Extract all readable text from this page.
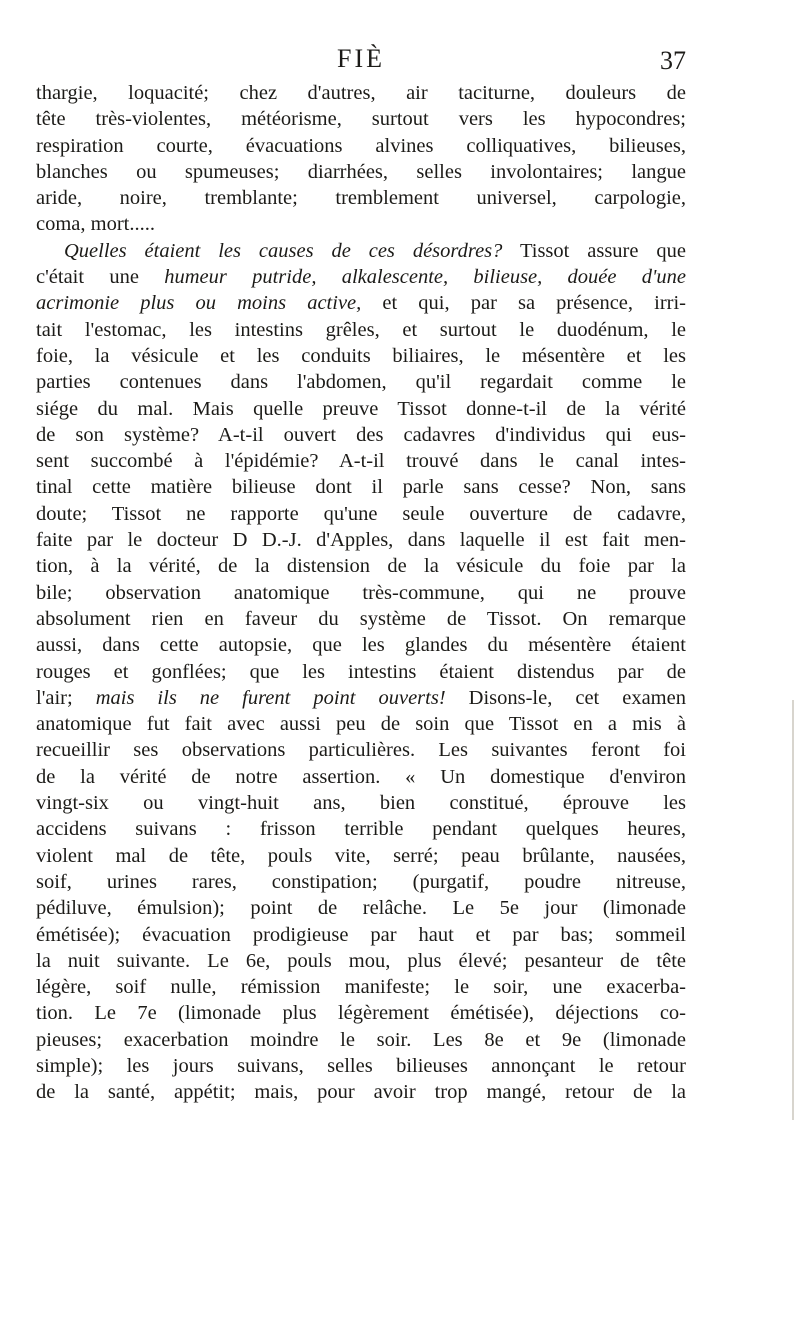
FIÈ	37
thargie, loquacité; chez d'autres, air taciturne, douleurs de
tête très-violentes, météorisme, surtout vers les hypocondres;
respiration courte, évacuations alvines colliquatives, bilieuses,
blanches ou spumeuses; diarrhées, selles involontaires; langue
aride, noire, tremblante; tremblement universel, carpologie,
coma, mort.....
Quelles étaient les causes de ces désordres? Tissot assure que
c'était une humeur putride, alkalescente, bilieuse, douée d'une
acrimonie plus ou moins active, et qui, par sa présence, irri-
tait l'estomac, les intestins grêles, et surtout le duodénum, le
foie, la vésicule et les conduits biliaires, le mésentère et les
parties contenues dans l'abdomen, qu'il regardait comme le
siége du mal. Mais quelle preuve Tissot donne-t-il de la vérité
de son système? A-t-il ouvert des cadavres d'individus qui eus-
sent succombé à l'épidémie? A-t-il trouvé dans le canal intes-
tinal cette matière bilieuse dont il parle sans cesse? Non, sans
doute; Tissot ne rapporte qu'une seule ouverture de cadavre,
faite par le docteur D D.-J. d'Apples, dans laquelle il est fait men-
tion, à la vérité, de la distension de la vésicule du foie par la
bile; observation anatomique très-commune, qui ne prouve
absolument rien en faveur du système de Tissot. On remarque
aussi, dans cette autopsie, que les glandes du mésentère étaient
rouges et gonflées; que les intestins étaient distendus par de
l'air; mais ils ne furent point ouverts! Disons-le, cet examen
anatomique fut fait avec aussi peu de soin que Tissot en a mis à
recueillir ses observations particulières. Les suivantes feront foi
de la vérité de notre assertion. « Un domestique d'environ
vingt-six ou vingt-huit ans, bien constitué, éprouve les
accidens suivans : frisson terrible pendant quelques heures,
violent mal de tête, pouls vite, serré; peau brûlante, nausées,
soif, urines rares, constipation; (purgatif, poudre nitreuse,
pédiluve, émulsion); point de relâche. Le 5e jour (limonade
émétisée); évacuation prodigieuse par haut et par bas; sommeil
la nuit suivante. Le 6e, pouls mou, plus élevé; pesanteur de tête
légère, soif nulle, rémission manifeste; le soir, une exacerba-
tion. Le 7e (limonade plus légèrement émétisée), déjections co-
pieuses; exacerbation moindre le soir. Les 8e et 9e (limonade
simple); les jours suivans, selles bilieuses annonçant le retour
de la santé, appétit; mais, pour avoir trop mangé, retour de la
